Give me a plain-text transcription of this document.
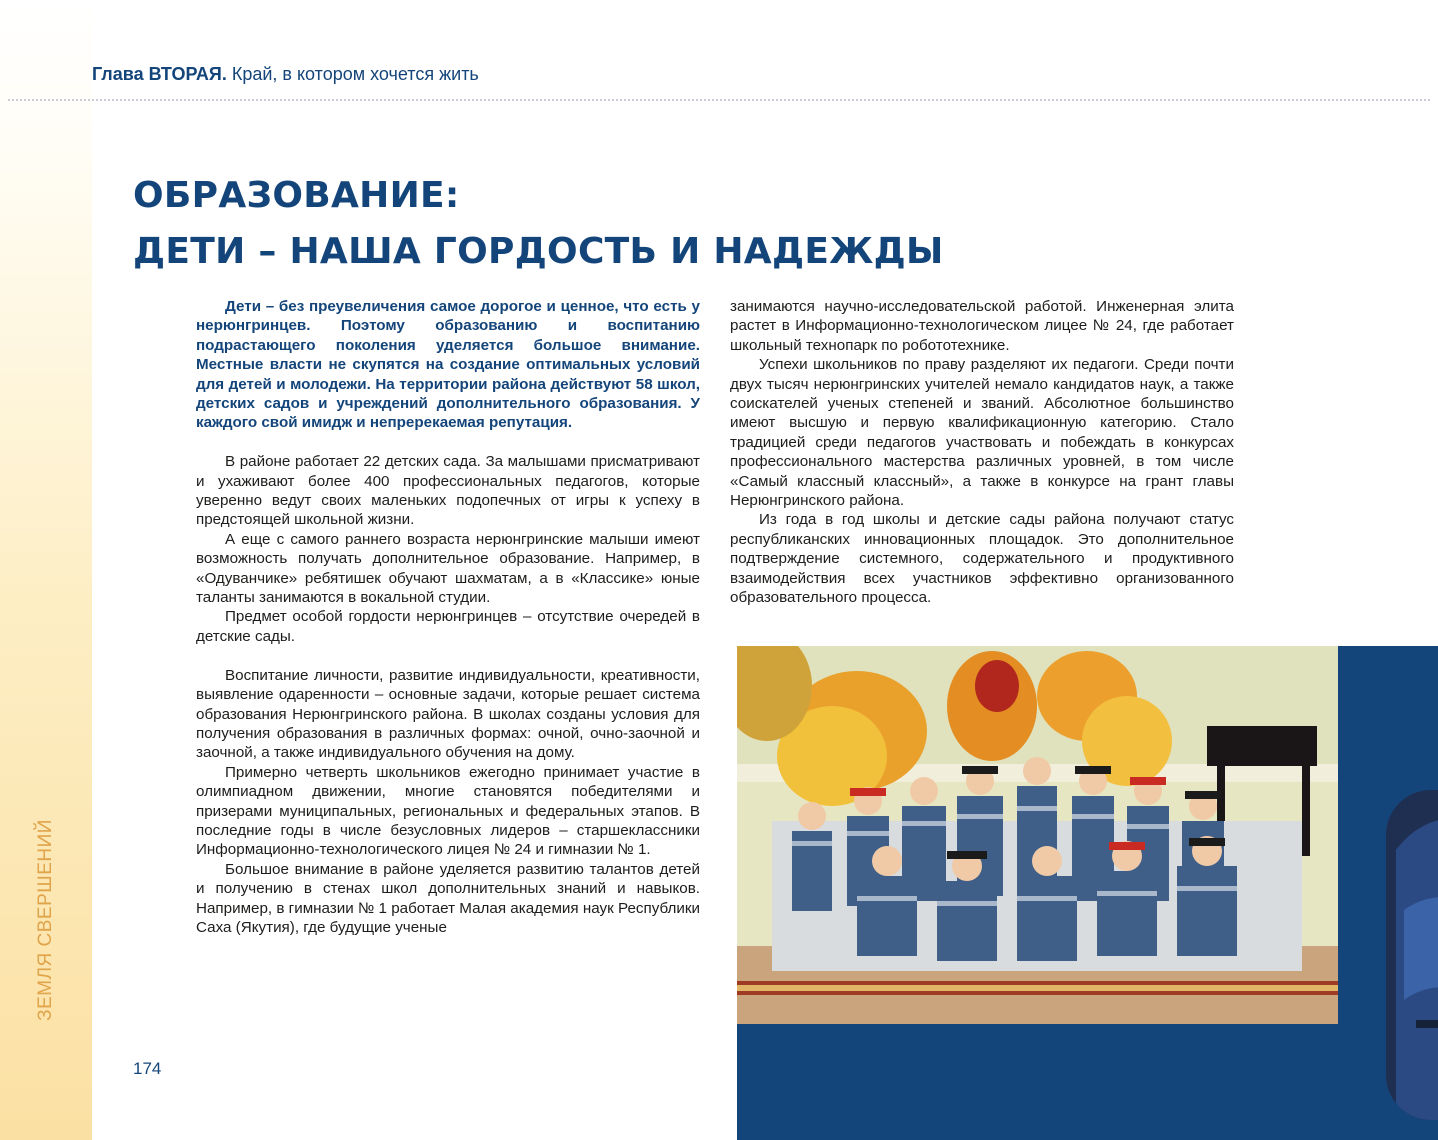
ЗЕМЛЯ СВЕРШЕНИЙ
Глава ВТОРАЯ. Край, в котором хочется жить
ОБРАЗОВАНИЕ:
ДЕТИ – НАША ГОРДОСТЬ И НАДЕЖДЫ

Дети – без преувеличения самое дорогое и ценное, что есть у нерюнгринцев. Поэтому образованию и воспитанию подрастающего поколения уделяется большое внимание. Местные власти не скупятся на создание оптимальных условий для детей и молодежи. На территории района действуют 58 школ, детских садов и учреждений дополнительного образования. У каждого свой имидж и непререкаемая репутация.

В районе работает 22 детских сада. За малышами присматривают и ухаживают более 400 профессиональных педагогов, которые уверенно ведут своих маленьких подопечных от игры к успеху в предстоящей школьной жизни.

А еще с самого раннего возраста нерюнгринские малыши имеют возможность получать дополнительное образование. Например, в «Одуванчике» ребятишек обучают шахматам, а в «Классике» юные таланты занимаются в вокальной студии.

Предмет особой гордости нерюнгринцев – отсутствие очередей в детские сады.

Воспитание личности, развитие индивидуальности, креативности, выявление одаренности – основные задачи, которые решает система образования Нерюнгринского района. В школах созданы условия для получения образования в различных формах: очной, очно-заочной и заочной, а также индивидуального обучения на дому.

Примерно четверть школьников ежегодно принимает участие в олимпиадном движении, многие становятся победителями и призерами муниципальных, региональных и федеральных этапов. В последние годы в числе безусловных лидеров – старшеклассники Информационно-технологического лицея № 24 и гимназии № 1.

Большое внимание в районе уделяется развитию талантов детей и получению в стенах школ дополнительных знаний и навыков. Например, в гимназии № 1 работает Малая академия наук Республики Саха (Якутия), где будущие ученые

занимаются научно-исследовательской работой. Инженерная элита растет в Информационно-технологическом лицее № 24, где работает школьный технопарк по робототехнике.

Успехи школьников по праву разделяют их педагоги. Среди почти двух тысяч нерюнгринских учителей немало кандидатов наук, а также соискателей ученых степеней и званий. Абсолютное большинство имеют высшую и первую квалификационную категорию. Стало традицией среди педагогов участвовать и побеждать в конкурсах профессионального мастерства различных уровней, в том числе «Самый классный классный», а также в конкурсе на грант главы Нерюнгринского района.

Из года в год школы и детские сады района получают статус республиканских инновационных площадок. Это дополнительное подтверждение системного, содержательного и продуктивного взаимодействия всех участников эффективно организованного образовательного процесса.

174
